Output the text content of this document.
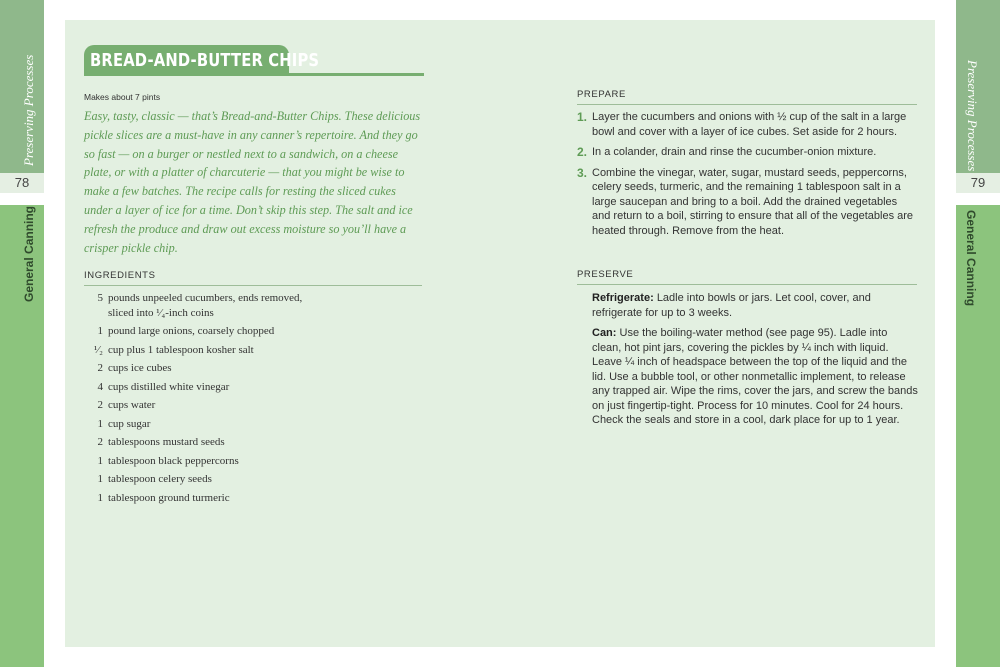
Preserving Processes
78
General Canning
Preserving Processes
79
General Canning
BREAD-AND-BUTTER CHIPS
Makes about 7 pints

Easy, tasty, classic — that’s Bread-and-Butter Chips. These delicious pickle slices are a must-have in any canner’s repertoire. And they go so fast — on a burger or nestled next to a sandwich, on a cheese plate, or with a platter of charcuterie — that you might be wise to make a few batches. The recipe calls for resting the sliced cukes under a layer of ice for a time. Don’t skip this step. The salt and ice refresh the produce and draw out excess moisture so you’ll have a crisper pickle chip.

INGREDIENTS
5 pounds unpeeled cucumbers, ends removed, sliced into ¹⁄₄-inch coins
1 pound large onions, coarsely chopped
¹⁄₂ cup plus 1 tablespoon kosher salt
2 cups ice cubes
4 cups distilled white vinegar
2 cups water
1 cup sugar
2 tablespoons mustard seeds
1 tablespoon black peppercorns
1 tablespoon celery seeds
1 tablespoon ground turmeric
PREPARE
1. Layer the cucumbers and onions with ½ cup of the salt in a large bowl and cover with a layer of ice cubes. Set aside for 2 hours.
2. In a colander, drain and rinse the cucumber-onion mixture.
3. Combine the vinegar, water, sugar, mustard seeds, peppercorns, celery seeds, turmeric, and the remaining 1 tablespoon salt in a large saucepan and bring to a boil. Add the drained vegetables and return to a boil, stirring to ensure that all of the vegetables are heated through. Remove from the heat.
PRESERVE

Refrigerate: Ladle into bowls or jars. Let cool, cover, and refrigerate for up to 3 weeks.

Can: Use the boiling-water method (see page 95). Ladle into clean, hot pint jars, covering the pickles by ¼ inch with liquid. Leave ¼ inch of headspace between the top of the liquid and the lid. Use a bubble tool, or other nonmetallic implement, to release any trapped air. Wipe the rims, cover the jars, and screw the bands on just fingertip-tight. Process for 10 minutes. Cool for 24 hours. Check the seals and store in a cool, dark place for up to 1 year.
